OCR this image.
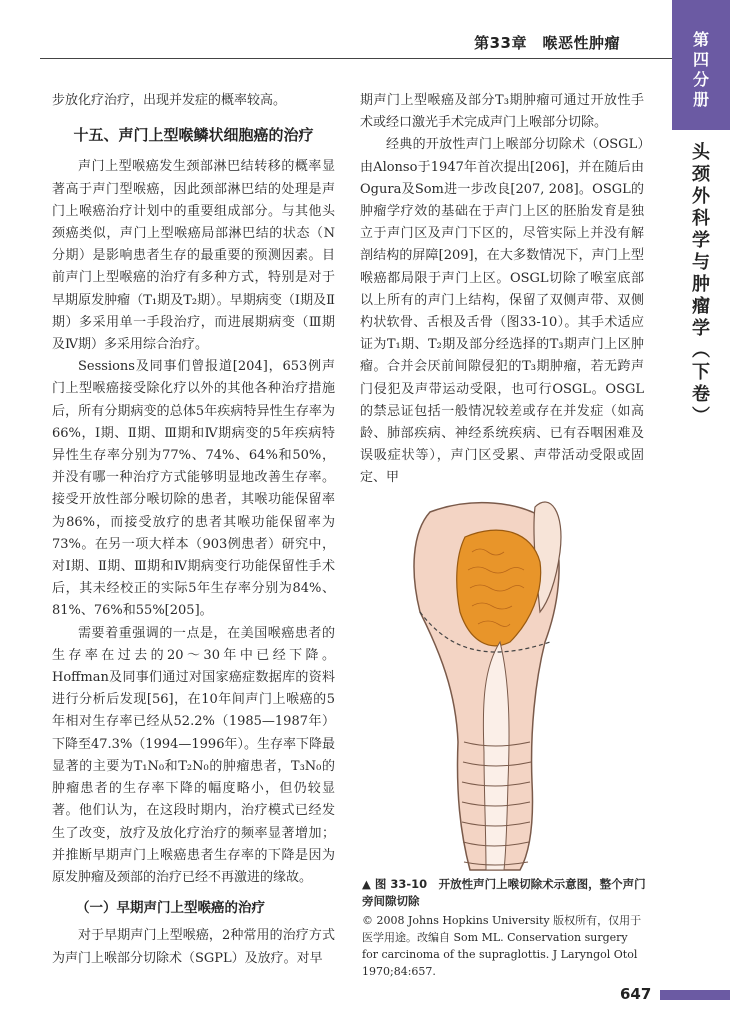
第33章　喉恶性肿瘤	第
四
分
册
头
颈
外
科
学
与
肿
瘤
学
︵
下
卷
︶

步放化疗治疗，出现并发症的概率较高。

十五、声门上型喉鳞状细胞癌的治疗

声门上型喉癌发生颈部淋巴结转移的概率显著高于声门型喉癌，因此颈部淋巴结的处理是声门上喉癌治疗计划中的重要组成部分。与其他头颈癌类似，声门上型喉癌局部淋巴结的状态（N分期）是影响患者生存的最重要的预测因素。目前声门上型喉癌的治疗有多种方式，特别是对于早期原发肿瘤（T₁期及T₂期）。早期病变（Ⅰ期及Ⅱ期）多采用单一手段治疗，而进展期病变（Ⅲ期及Ⅳ期）多采用综合治疗。

Sessions及同事们曾报道[204]，653例声门上型喉癌接受除化疗以外的其他各种治疗措施后，所有分期病变的总体5年疾病特异性生存率为66%，Ⅰ期、Ⅱ期、Ⅲ期和Ⅳ期病变的5年疾病特异性生存率分别为77%、74%、64%和50%，并没有哪一种治疗方式能够明显地改善生存率。接受开放性部分喉切除的患者，其喉功能保留率为86%，而接受放疗的患者其喉功能保留率为73%。在另一项大样本（903例患者）研究中，对Ⅰ期、Ⅱ期、Ⅲ期和Ⅳ期病变行功能保留性手术后，其未经校正的实际5年生存率分别为84%、81%、76%和55%[205]。

需要着重强调的一点是，在美国喉癌患者的生存率在过去的20～30年中已经下降。Hoffman及同事们通过对国家癌症数据库的资料进行分析后发现[56]，在10年间声门上喉癌的5年相对生存率已经从52.2%（1985—1987年）下降至47.3%（1994—1996年）。生存率下降最显著的主要为T₁N₀和T₂N₀的肿瘤患者，T₃N₀的肿瘤患者的生存率下降的幅度略小，但仍较显著。他们认为，在这段时期内，治疗模式已经发生了改变，放疗及放化疗治疗的频率显著增加；并推断早期声门上喉癌患者生存率的下降是因为原发肿瘤及颈部的治疗已经不再激进的缘故。

（一）早期声门上型喉癌的治疗

对于早期声门上型喉癌，2种常用的治疗方式为声门上喉部分切除术（SGPL）及放疗。对早

期声门上型喉癌及部分T₃期肿瘤可通过开放性手术或经口激光手术完成声门上喉部分切除。

经典的开放性声门上喉部分切除术（OSGL）由Alonso于1947年首次提出[206]，并在随后由Ogura及Som进一步改良[207, 208]。OSGL的肿瘤学疗效的基础在于声门上区的胚胎发育是独立于声门区及声门下区的，尽管实际上并没有解剖结构的屏障[209]，在大多数情况下，声门上型喉癌都局限于声门上区。OSGL切除了喉室底部以上所有的声门上结构，保留了双侧声带、双侧杓状软骨、舌根及舌骨（图33-10）。其手术适应证为T₁期、T₂期及部分经选择的T₃期声门上区肿瘤。合并会厌前间隙侵犯的T₃期肿瘤，若无跨声门侵犯及声带运动受限，也可行OSGL。OSGL的禁忌证包括一般情况较差或存在并发症（如高龄、肺部疾病、神经系统疾病、已有吞咽困难及误吸症状等），声门区受累、声带活动受限或固定、甲

▲ 图 33-10　开放性声门上喉切除术示意图，整个声门旁间隙切除
© 2008 Johns Hopkins University 版权所有，仅用于医学用途。改编自 Som ML. Conservation surgery for carcinoma of the supraglottis. J Laryngol Otol 1970;84:657.
647
